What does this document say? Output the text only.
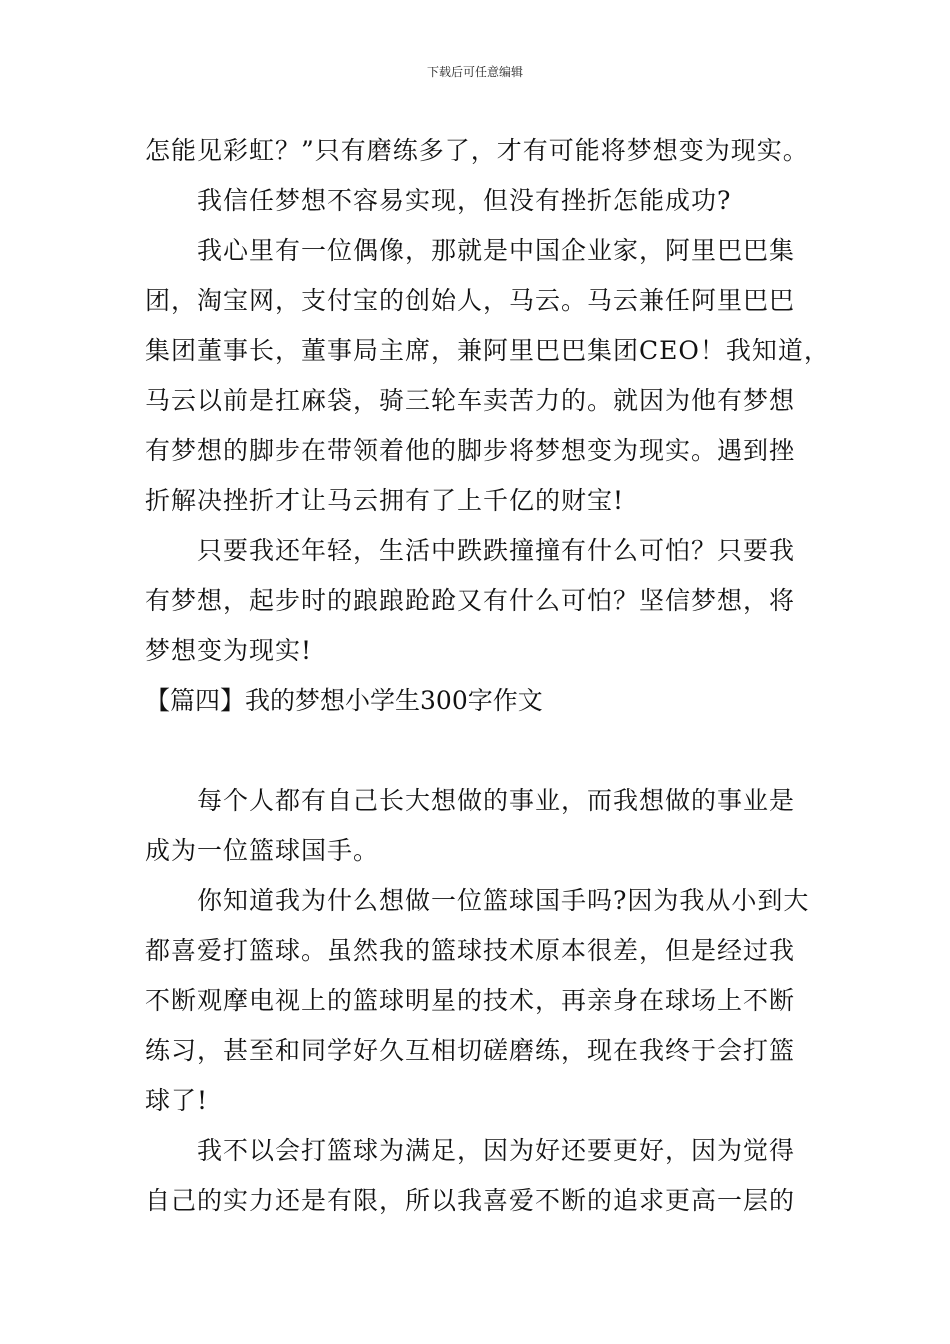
下载后可任意编辑
怎能见彩虹？”只有磨练多了，才有可能将梦想变为现实。
我信任梦想不容易实现，但没有挫折怎能成功?
我心里有一位偶像，那就是中国企业家，阿里巴巴集
团，淘宝网，支付宝的创始人，马云。马云兼任阿里巴巴
集团董事长，董事局主席，兼阿里巴巴集团CEO！我知道，
马云以前是扛麻袋，骑三轮车卖苦力的。就因为他有梦想
有梦想的脚步在带领着他的脚步将梦想变为现实。遇到挫
折解决挫折才让马云拥有了上千亿的财宝!
只要我还年轻，生活中跌跌撞撞有什么可怕？只要我
有梦想，起步时的踉踉跄跄又有什么可怕？坚信梦想，将
梦想变为现实!
【篇四】我的梦想小学生300字作文
每个人都有自己长大想做的事业，而我想做的事业是
成为一位篮球国手。
你知道我为什么想做一位篮球国手吗?因为我从小到大
都喜爱打篮球。虽然我的篮球技术原本很差，但是经过我
不断观摩电视上的篮球明星的技术，再亲身在球场上不断
练习，甚至和同学好久互相切磋磨练，现在我终于会打篮
球了!
我不以会打篮球为满足，因为好还要更好，因为觉得
自己的实力还是有限，所以我喜爱不断的追求更高一层的
